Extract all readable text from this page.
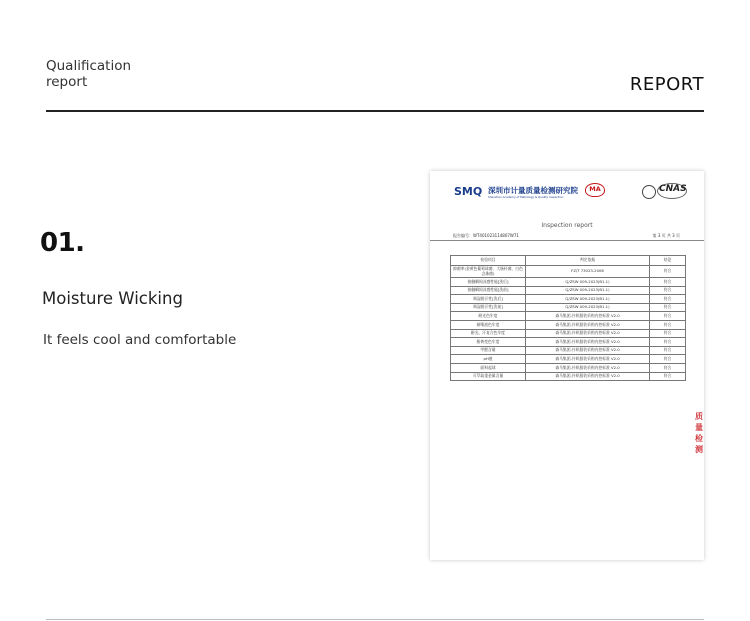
Qualification
report	REPORT
01.
Moisture Wicking
It feels cool and comfortable
SMQ 深圳市计量质量检测研究院
Shenzhen Academy of Metrology & Quality Inspection
MA	CNAS
Inspection report
报告编号：WT401023114807W71	第 3 页 共 3 页
检验项目	判定依据	结论
抑菌率(金黄色葡萄球菌、大肠杆菌、白色念珠菌)	FZ/T 73023-2006	符合
接触瞬间凉感性能[洗后]	Q/ZSW 009-2023(B1.1)	符合
接触瞬间凉感性能[洗前]	Q/ZSW 009-2023(B1.1)	符合
吸湿排汗性[洗后]	Q/ZSW 009-2023(B1.1)	符合
吸湿排汗性[洗前]	Q/ZSW 009-2023(B1.1)	符合
耐光色牢度	森马集团-针织服装采购内控标准 V2.0	符合
耐唾液色牢度	森马集团-针织服装采购内控标准 V2.0	符合
耐光、汗复合色牢度	森马集团-针织服装采购内控标准 V2.0	符合
酚黄变色牢度	森马集团-针织服装采购内控标准 V2.0	符合
甲醛含量	森马集团-针织服装采购内控标准 V2.0	符合
pH值	森马集团-针织服装采购内控标准 V2.0	符合
面料起球	森马集团-针织服装采购内控标准 V2.0	符合
可萃取重金属含量	森马集团-针织服装采购内控标准 V2.0	符合
质
量
检
测
